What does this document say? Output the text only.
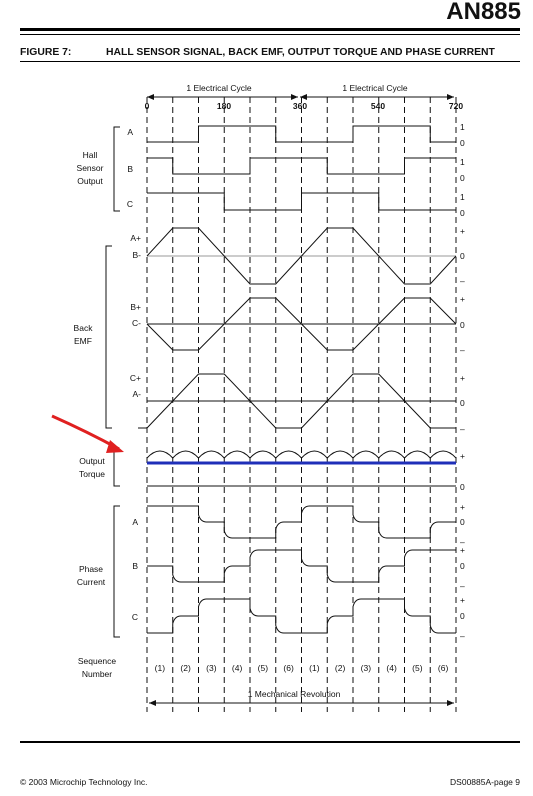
AN885
FIGURE 7:	HALL SENSOR SIGNAL, BACK EMF, OUTPUT TORQUE AND PHASE CURRENT
1 Electrical Cycle	1 Electrical Cycle
0	180	360	540	720
Hall
Sensor
Output
Back
EMF
Output
Torque
Phase
Current
Sequence
Number
A
B
C
A+
B-
B+
C-
C+
A-
A
B
C
1
0
1
0
1
0
+
0
–
+
0
–
+
0
–
+
0
+
0
–
+
0
–
+
0
–
(1) (2) (3) (4) (5) (6) (1) (2) (3) (4) (5) (6)
1 Mechanical Revolution
© 2003 Microchip Technology Inc.	DS00885A-page 9
